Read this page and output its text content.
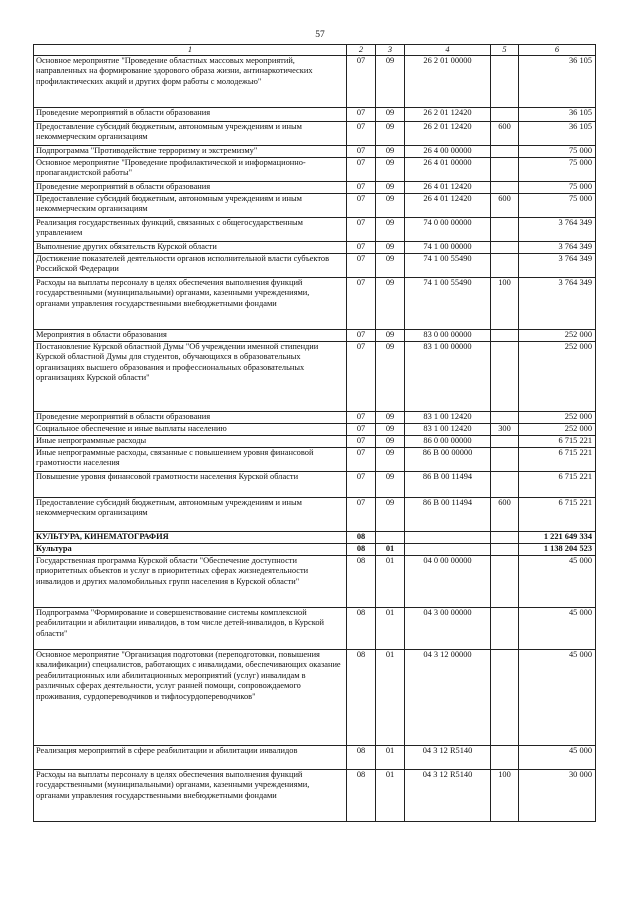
57
1	2	3	4	5	6
Основное мероприятие "Проведение областных массовых мероприятий, направленных на формирование здорового образа жизни, антинаркотических профилактических акций и других форм работы с молодежью"	07	09	26 2 01 00000		36 105
Проведение мероприятий в области образования	07	09	26 2 01 12420		36 105
Предоставление субсидий бюджетным, автономным учреждениям и иным некоммерческим организациям	07	09	26 2 01 12420	600	36 105
Подпрограмма "Противодействие терроризму и экстремизму"	07	09	26 4 00 00000		75 000
Основное мероприятие "Проведение профилактической и информационно-пропагандистской работы"	07	09	26 4 01 00000		75 000
Проведение мероприятий в области образования	07	09	26 4 01 12420		75 000
Предоставление субсидий бюджетным, автономным учреждениям и иным некоммерческим организациям	07	09	26 4 01 12420	600	75 000
Реализация государственных функций, связанных с общегосударственным управлением	07	09	74 0 00 00000		3 764 349
Выполнение других обязательств Курской области	07	09	74 1 00 00000		3 764 349
Достижение показателей деятельности органов исполнительной власти субъектов Российской Федерации	07	09	74 1 00 55490		3 764 349
Расходы на выплаты персоналу в целях обеспечения выполнения функций государственными (муниципальными) органами, казенными учреждениями, органами управления государственными внебюджетными фондами	07	09	74 1 00 55490	100	3 764 349
Мероприятия в области образования	07	09	83 0 00 00000		252 000
Постановление Курской областной Думы "Об учреждении именной стипендии Курской областной Думы для студентов, обучающихся в образовательных организациях высшего образования и профессиональных образовательных организациях Курской области"	07	09	83 1 00 00000		252 000
Проведение мероприятий в области образования	07	09	83 1 00 12420		252 000
Социальное обеспечение и иные выплаты населению	07	09	83 1 00 12420	300	252 000
Иные непрограммные расходы	07	09	86 0 00 00000		6 715 221
Иные непрограммные расходы, связанные с повышением уровня финансовой грамотности населения	07	09	86 В 00 00000		6 715 221
Повышение уровня финансовой грамотности населения Курской области	07	09	86 В 00 11494		6 715 221
Предоставление субсидий бюджетным, автономным учреждениям и иным некоммерческим организациям	07	09	86 В 00 11494	600	6 715 221
КУЛЬТУРА, КИНЕМАТОГРАФИЯ	08				1 221 649 334
Культура	08	01			1 138 204 523
Государственная программа Курской области "Обеспечение доступности приоритетных объектов и услуг в приоритетных сферах жизнедеятельности инвалидов и других маломобильных групп населения в Курской области"	08	01	04 0 00 00000		45 000
Подпрограмма "Формирование и совершенствование системы комплексной реабилитации и абилитации инвалидов, в том числе детей-инвалидов, в Курской области"	08	01	04 3 00 00000		45 000
Основное мероприятие "Организация подготовки (переподготовки, повышения квалификации) специалистов, работающих с инвалидами, обеспечивающих оказание реабилитационных или абилитационных мероприятий (услуг) инвалидам в различных сферах деятельности, услуг ранней помощи, сопровождаемого проживания, сурдопереводчиков и тифлосурдопереводчиков"	08	01	04 3 12 00000		45 000
Реализация мероприятий в сфере реабилитации и абилитации инвалидов	08	01	04 3 12 R5140		45 000
Расходы на выплаты персоналу в целях обеспечения выполнения функций государственными (муниципальными) органами, казенными учреждениями, органами управления государственными внебюджетными фондами	08	01	04 3 12 R5140	100	30 000
